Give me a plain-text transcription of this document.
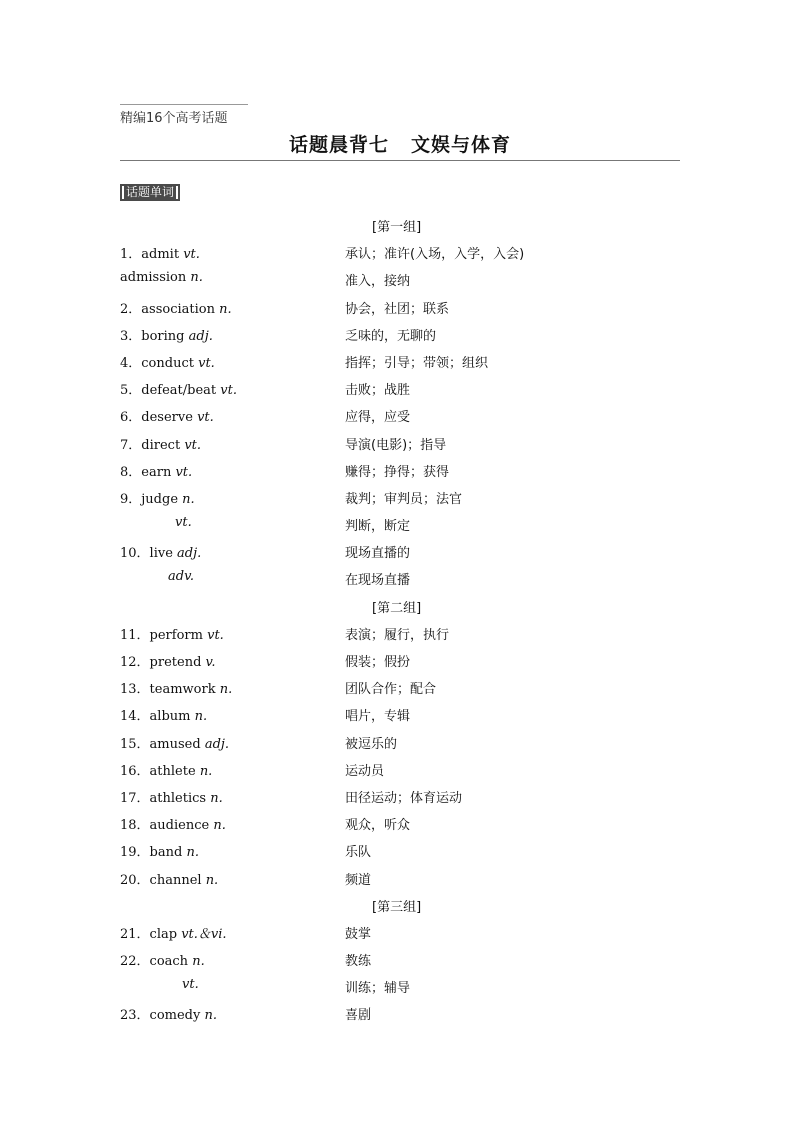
精编16个高考话题
话题晨背七 文娱与体育
话题单词
[第一组]
1．admit vt.	承认；准许(入场，入学，入会)
admission n.	准入，接纳
2．association n.	协会，社团；联系
3．boring adj.	乏味的，无聊的
4．conduct vt.	指挥；引导；带领；组织
5．defeat/beat vt.	击败；战胜
6．deserve vt.	应得，应受
7．direct vt.	导演(电影)；指导
8．earn vt.	赚得；挣得；获得
9．judge n.	裁判；审判员；法官
vt.	判断，断定
10．live adj.	现场直播的
adv.	在现场直播
[第二组]
11．perform vt.	表演；履行，执行
12．pretend v.	假装；假扮
13．teamwork n.	团队合作；配合
14．album n.	唱片，专辑
15．amused adj.	被逗乐的
16．athlete n.	运动员
17．athletics n.	田径运动；体育运动
18．audience n.	观众，听众
19．band n.	乐队
20．channel n.	频道
[第三组]
21．clap vt.＆vi.	鼓掌
22．coach n.	教练
vt.	训练；辅导
23．comedy n.	喜剧
